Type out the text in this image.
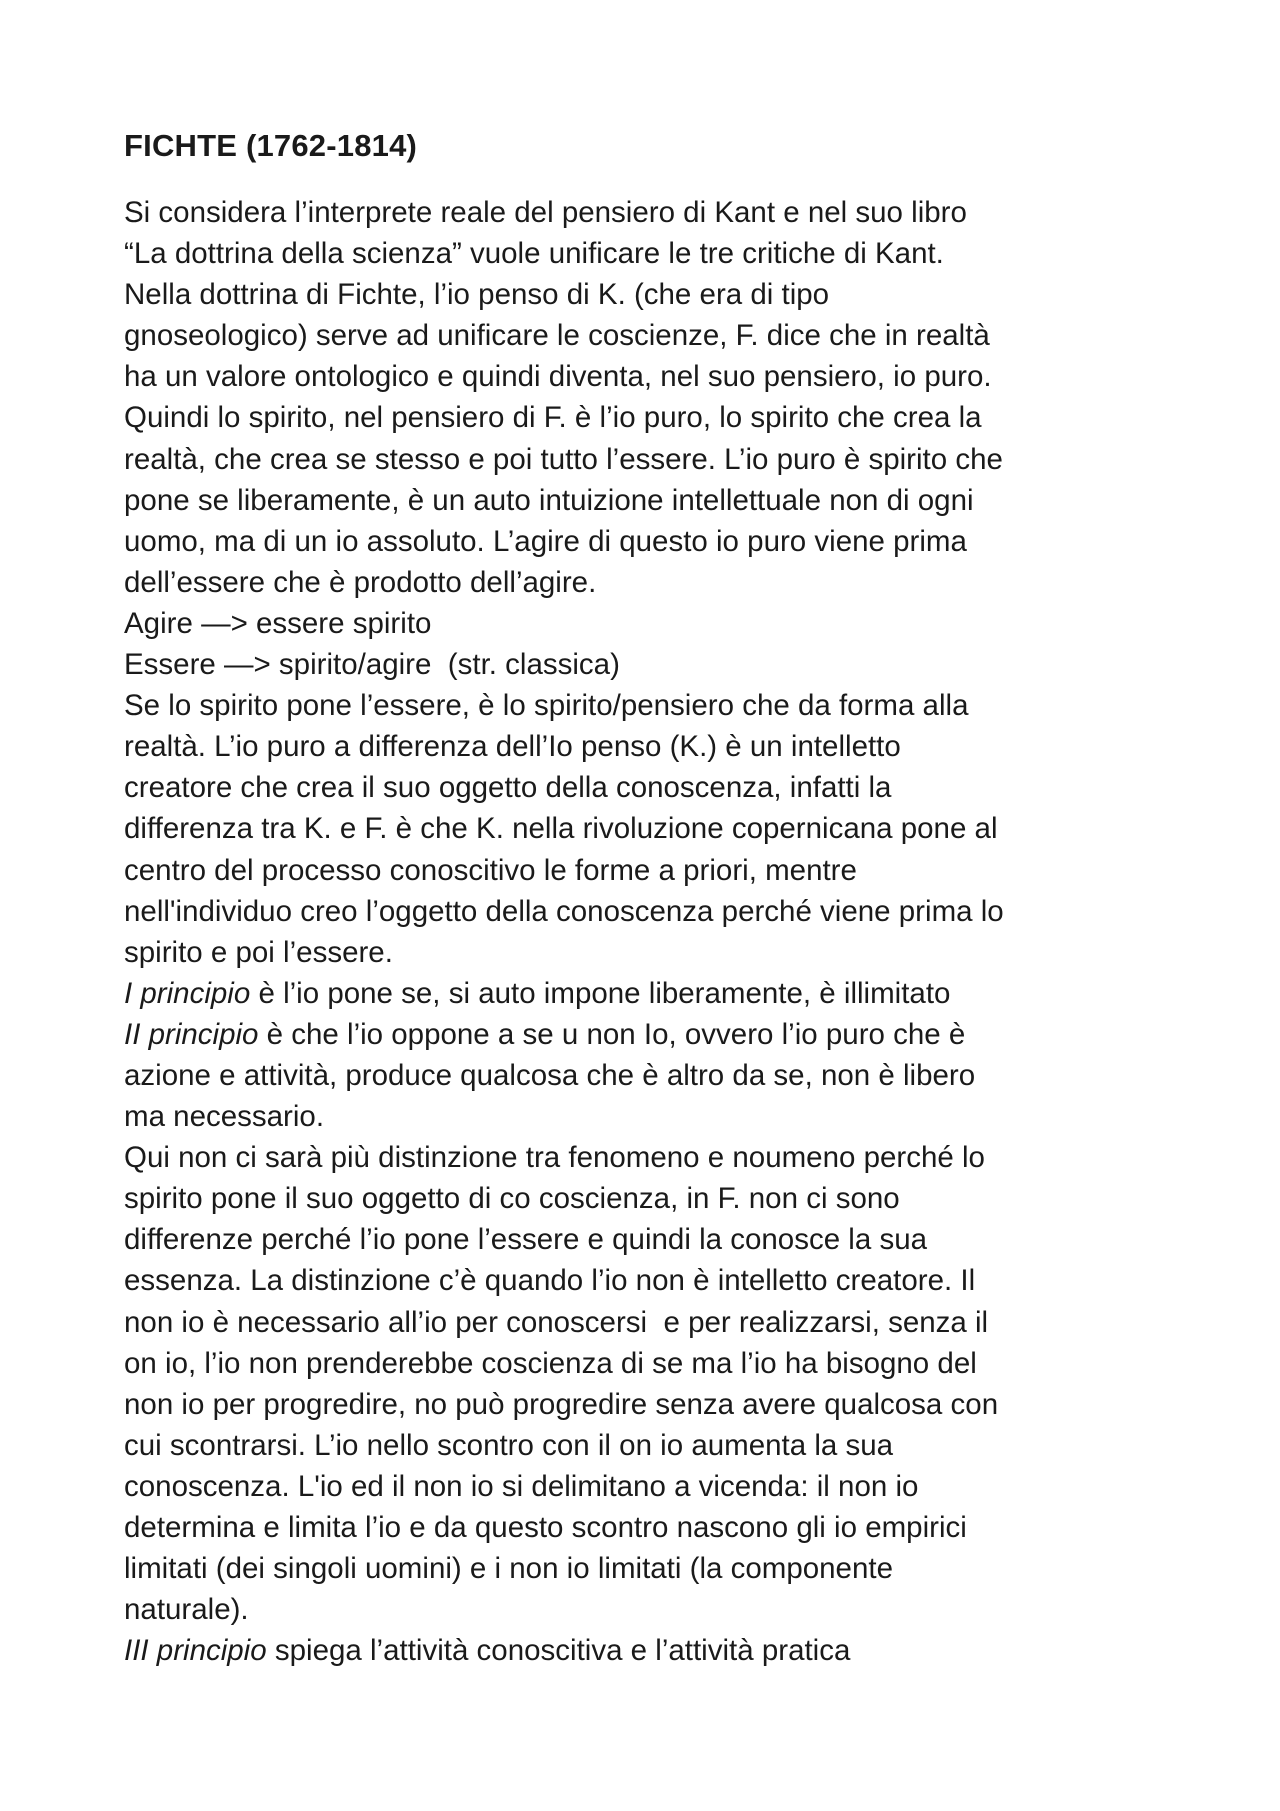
FICHTE (1762-1814)
Si considera l’interprete reale del pensiero di Kant e nel suo libro
“La dottrina della scienza” vuole unificare le tre critiche di Kant.
Nella dottrina di Fichte, l’io penso di K. (che era di tipo
gnoseologico) serve ad unificare le coscienze, F. dice che in realtà
ha un valore ontologico e quindi diventa, nel suo pensiero, io puro.
Quindi lo spirito, nel pensiero di F. è l’io puro, lo spirito che crea la
realtà, che crea se stesso e poi tutto l’essere. L’io puro è spirito che
pone se liberamente, è un auto intuizione intellettuale non di ogni
uomo, ma di un io assoluto. L’agire di questo io puro viene prima
dell’essere che è prodotto dell’agire.
Agire —> essere spirito
Essere —> spirito/agire  (str. classica)
Se lo spirito pone l’essere, è lo spirito/pensiero che da forma alla
realtà. L’io puro a differenza dell’Io penso (K.) è un intelletto
creatore che crea il suo oggetto della conoscenza, infatti la
differenza tra K. e F. è che K. nella rivoluzione copernicana pone al
centro del processo conoscitivo le forme a priori, mentre
nell'individuo creo l’oggetto della conoscenza perché viene prima lo
spirito e poi l’essere.
I principio è l’io pone se, si auto impone liberamente, è illimitato
II principio è che l’io oppone a se u non Io, ovvero l’io puro che è
azione e attività, produce qualcosa che è altro da se, non è libero
ma necessario.
Qui non ci sarà più distinzione tra fenomeno e noumeno perché lo
spirito pone il suo oggetto di co coscienza, in F. non ci sono
differenze perché l’io pone l’essere e quindi la conosce la sua
essenza. La distinzione c’è quando l’io non è intelletto creatore. Il
non io è necessario all’io per conoscersi  e per realizzarsi, senza il
on io, l’io non prenderebbe coscienza di se ma l’io ha bisogno del
non io per progredire, no può progredire senza avere qualcosa con
cui scontrarsi. L’io nello scontro con il on io aumenta la sua
conoscenza. L'io ed il non io si delimitano a vicenda: il non io
determina e limita l’io e da questo scontro nascono gli io empirici
limitati (dei singoli uomini) e i non io limitati (la componente
naturale).
III principio spiega l’attività conoscitiva e l’attività pratica
